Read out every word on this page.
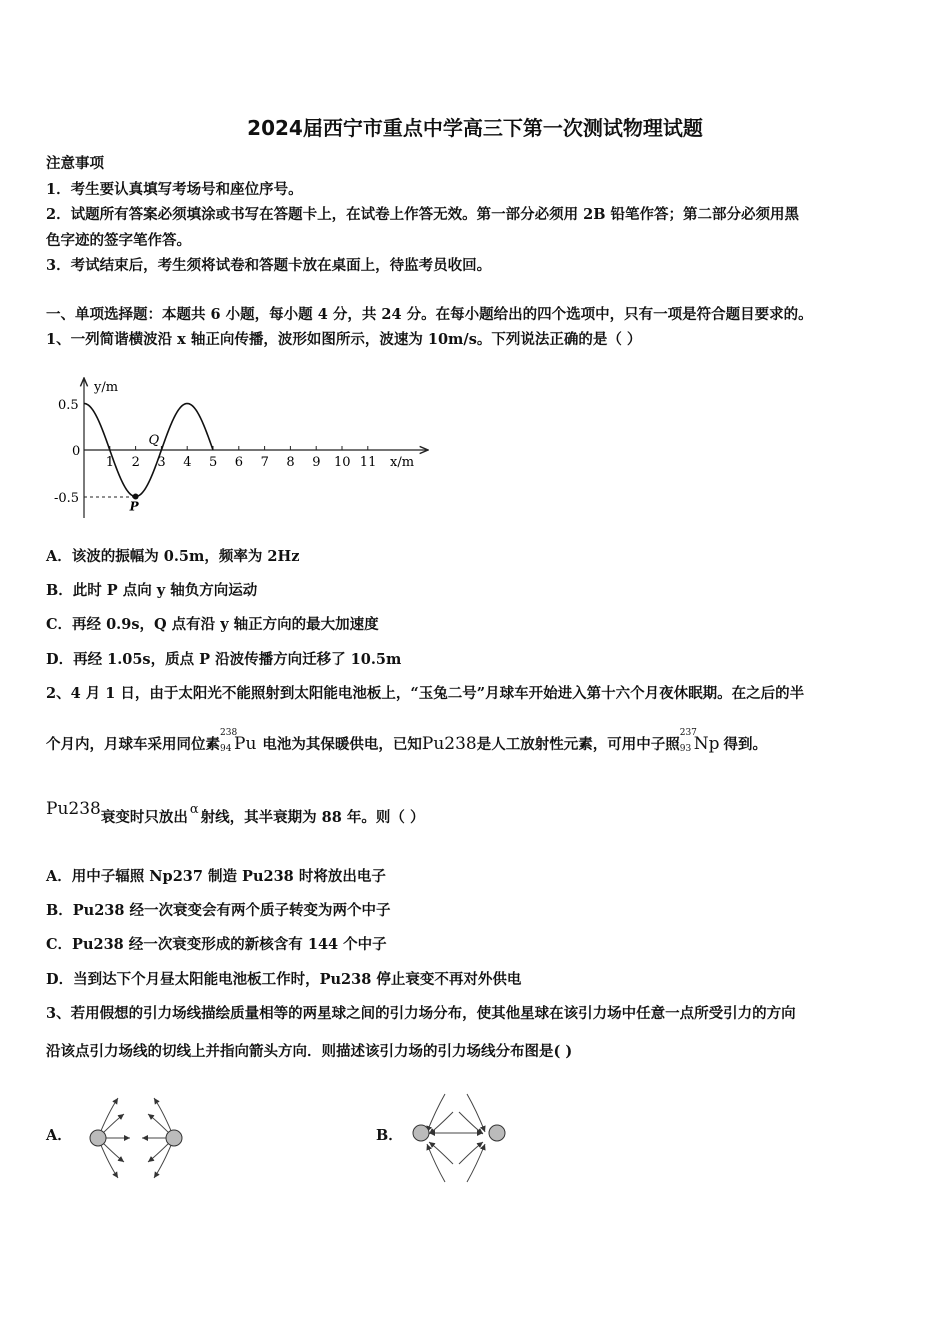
2024届西宁市重点中学高三下第一次测试物理试题
注意事项
1．考生要认真填写考场号和座位序号。
2．试题所有答案必须填涂或书写在答题卡上，在试卷上作答无效。第一部分必须用 2B 铅笔作答；第二部分必须用黑
色字迹的签字笔作答。
3．考试结束后，考生须将试卷和答题卡放在桌面上，待监考员收回。
一、单项选择题：本题共 6 小题，每小题 4 分，共 24 分。在每小题给出的四个选项中，只有一项是符合题目要求的。
1、一列简谐横波沿 x 轴正向传播，波形如图所示，波速为 10m/s。下列说法正确的是（ ）
y/m
x/m
0.5
0
-0.5
1 2 3 4 5 6 7 8 9 10 11
P
Q
A．该波的振幅为 0.5m，频率为 2Hz
B．此时 P 点向 y 轴负方向运动
C．再经 0.9s，Q 点有沿 y 轴正方向的最大加速度
D．再经 1.05s，质点 P 沿波传播方向迁移了 10.5m
2、4 月 1 日，由于太阳光不能照射到太阳能电池板上，“玉兔二号”月球车开始进入第十六个月夜休眠期。在之后的半
个月内，月球车采用同位素
238
94 Pu 电池为其保暖供电，已知Pu238是人工放射性元素，可用中子照
237
93 Np 得到。
Pu238衰变时只放出 α 射线，其半衰期为 88 年。则（ ）
A．用中子辐照 Np237 制造 Pu238 时将放出电子
B．Pu238 经一次衰变会有两个质子转变为两个中子
C．Pu238 经一次衰变形成的新核含有 144 个中子
D．当到达下个月昼太阳能电池板工作时，Pu238 停止衰变不再对外供电
3、若用假想的引力场线描绘质量相等的两星球之间的引力场分布，使其他星球在该引力场中任意一点所受引力的方向
沿该点引力场线的切线上并指向箭头方向．则描述该引力场的引力场线分布图是( )
A．	B．
